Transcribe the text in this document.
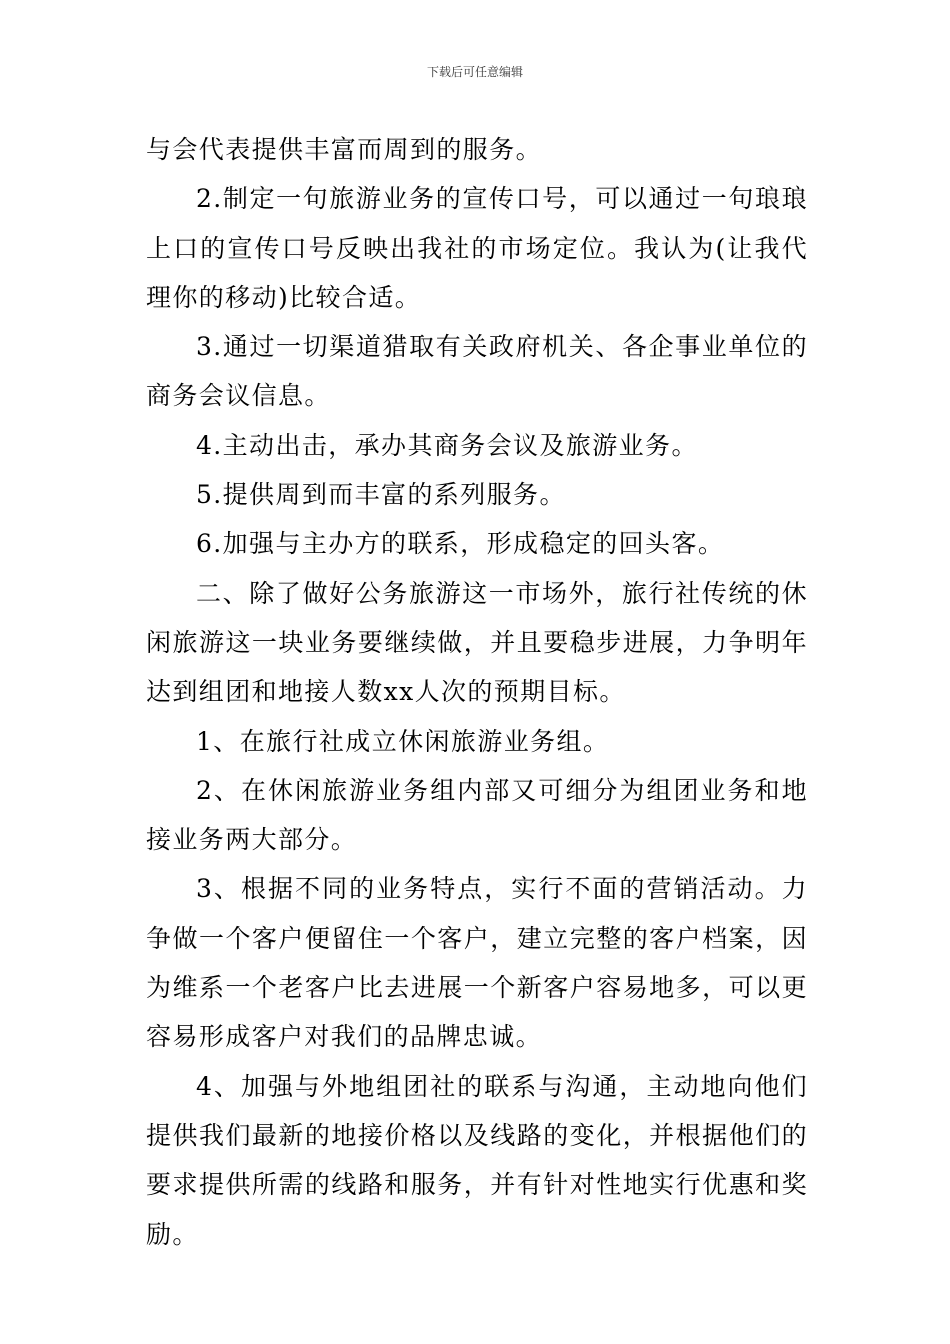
下载后可任意编辑

与会代表提供丰富而周到的服务。

2.制定一句旅游业务的宣传口号，可以通过一句琅琅上口的宣传口号反映出我社的市场定位。我认为(让我代理你的移动)比较合适。

3.通过一切渠道猎取有关政府机关、各企事业单位的商务会议信息。

4.主动出击，承办其商务会议及旅游业务。

5.提供周到而丰富的系列服务。

6.加强与主办方的联系，形成稳定的回头客。

二、除了做好公务旅游这一市场外，旅行社传统的休闲旅游这一块业务要继续做，并且要稳步进展，力争明年达到组团和地接人数xx人次的预期目标。

1、在旅行社成立休闲旅游业务组。

2、在休闲旅游业务组内部又可细分为组团业务和地接业务两大部分。

3、根据不同的业务特点，实行不面的营销活动。力争做一个客户便留住一个客户，建立完整的客户档案，因为维系一个老客户比去进展一个新客户容易地多，可以更容易形成客户对我们的品牌忠诚。

4、加强与外地组团社的联系与沟通，主动地向他们提供我们最新的地接价格以及线路的变化，并根据他们的要求提供所需的线路和服务，并有针对性地实行优惠和奖励。
